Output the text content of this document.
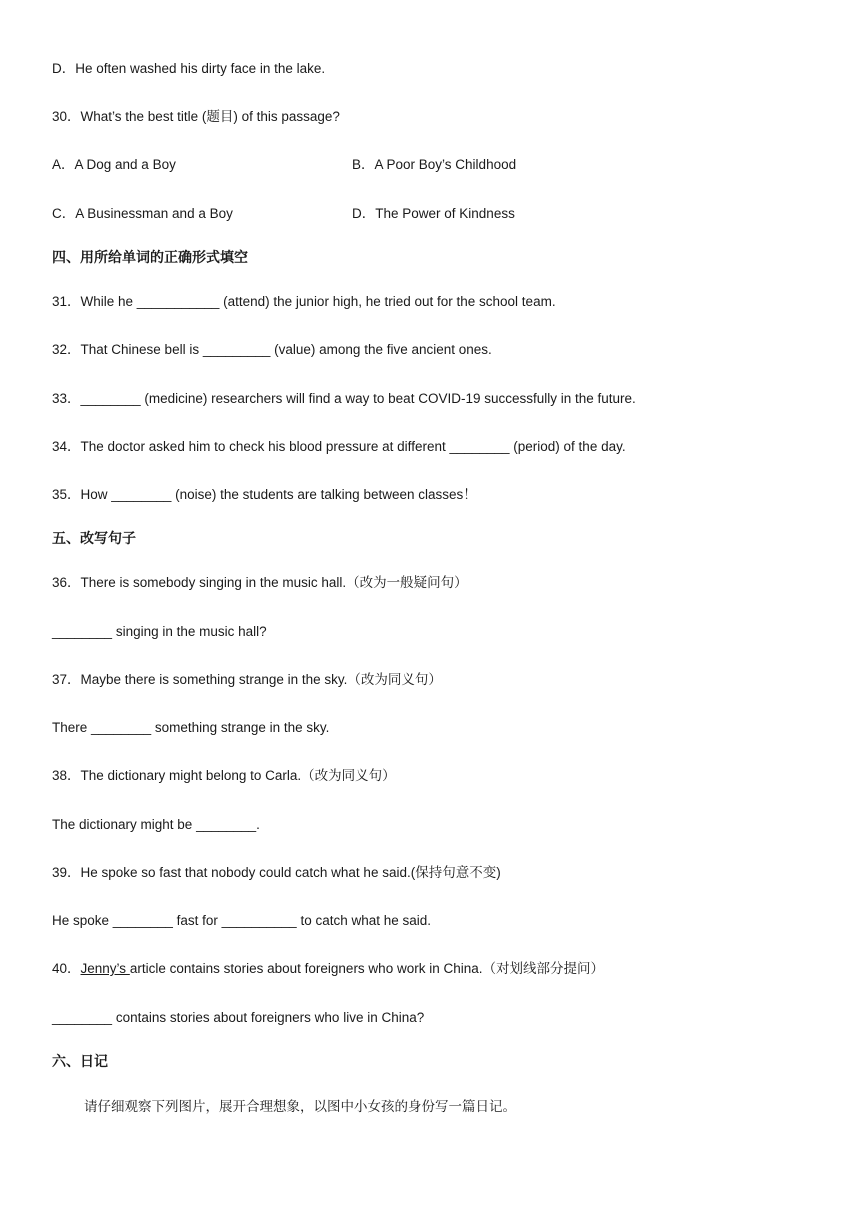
D．He often washed his dirty face in the lake.
30．What’s the best title (题目) of this passage?
A．A Dog and a Boy	B．A Poor Boy’s Childhood
C．A Businessman and a Boy	D．The Power of Kindness
四、用所给单词的正确形式填空
31．While he ___________ (attend) the junior high, he tried out for the school team.
32．That Chinese bell is _________ (value) among the five ancient ones.
33．________ (medicine) researchers will find a way to beat COVID-19 successfully in the future.
34．The doctor asked him to check his blood pressure at different ________ (period) of the day.
35．How ________ (noise) the students are talking between classes！
五、改写句子
36．There is somebody singing in the music hall.（改为一般疑问句）
________ singing in the music hall?
37．Maybe there is something strange in the sky.（改为同义句）
There ________ something strange in the sky.
38．The dictionary might belong to Carla.（改为同义句）
The dictionary might be ________.
39．He spoke so fast that nobody could catch what he said.(保持句意不变)
He spoke ________ fast for __________ to catch what he said.
40．Jenny’s article contains stories about foreigners who work in China.（对划线部分提问）
________ contains stories about foreigners who live in China?
六、日记
请仔细观察下列图片，展开合理想象，以图中小女孩的身份写一篇日记。
